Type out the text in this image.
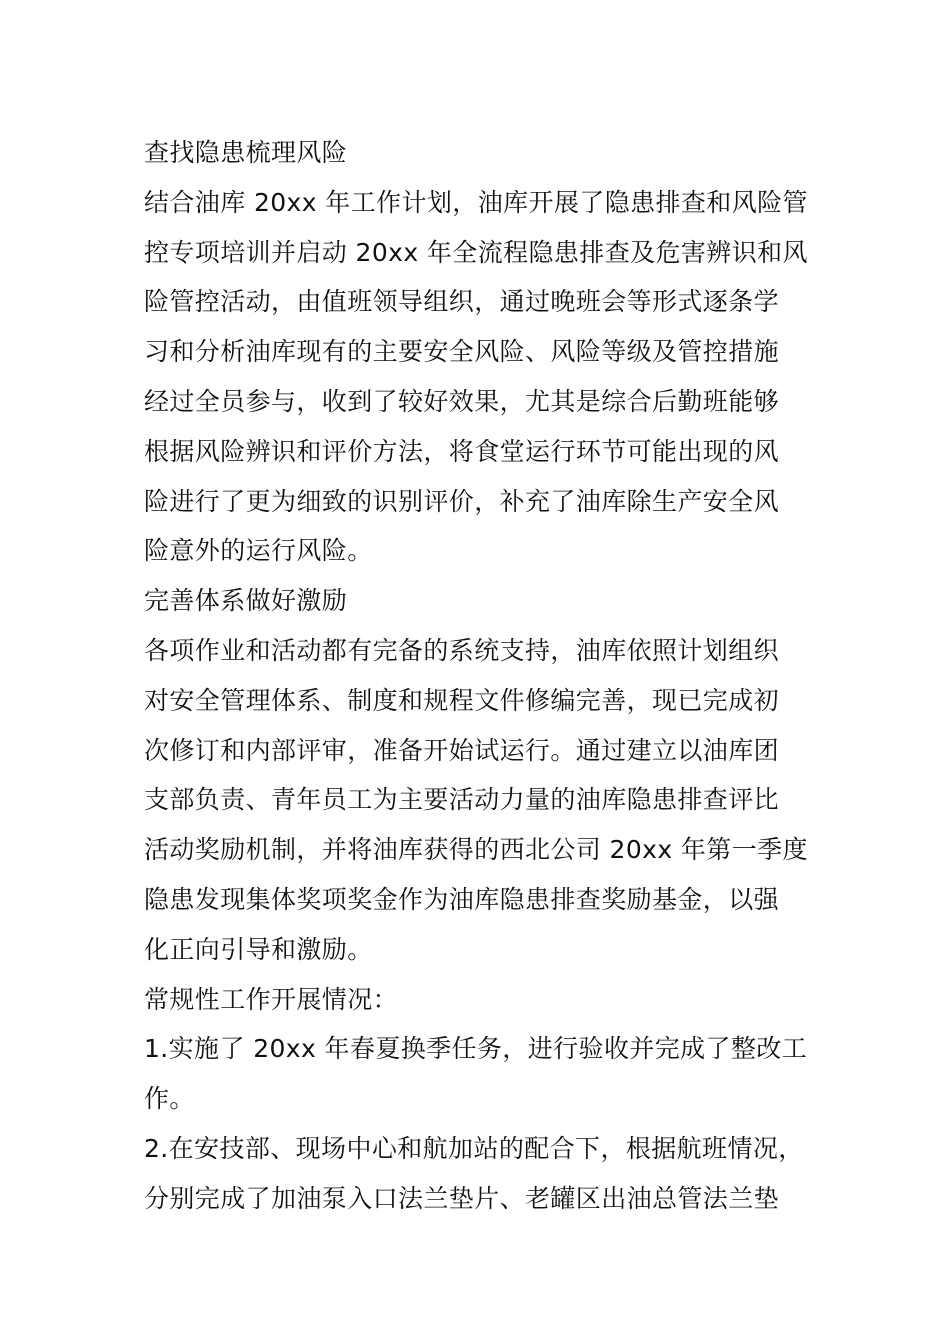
查找隐患梳理风险
结合油库 20xx 年工作计划，油库开展了隐患排查和风险管
控专项培训并启动 20xx 年全流程隐患排查及危害辨识和风
险管控活动，由值班领导组织，通过晚班会等形式逐条学
习和分析油库现有的主要安全风险、风险等级及管控措施
经过全员参与，收到了较好效果，尤其是综合后勤班能够
根据风险辨识和评价方法，将食堂运行环节可能出现的风
险进行了更为细致的识别评价，补充了油库除生产安全风
险意外的运行风险。
完善体系做好激励
各项作业和活动都有完备的系统支持，油库依照计划组织
对安全管理体系、制度和规程文件修编完善，现已完成初
次修订和内部评审，准备开始试运行。通过建立以油库团
支部负责、青年员工为主要活动力量的油库隐患排查评比
活动奖励机制，并将油库获得的西北公司 20xx 年第一季度
隐患发现集体奖项奖金作为油库隐患排查奖励基金，以强
化正向引导和激励。
常规性工作开展情况：
1.实施了 20xx 年春夏换季任务，进行验收并完成了整改工
作。
2.在安技部、现场中心和航加站的配合下，根据航班情况，
分别完成了加油泵入口法兰垫片、老罐区出油总管法兰垫
